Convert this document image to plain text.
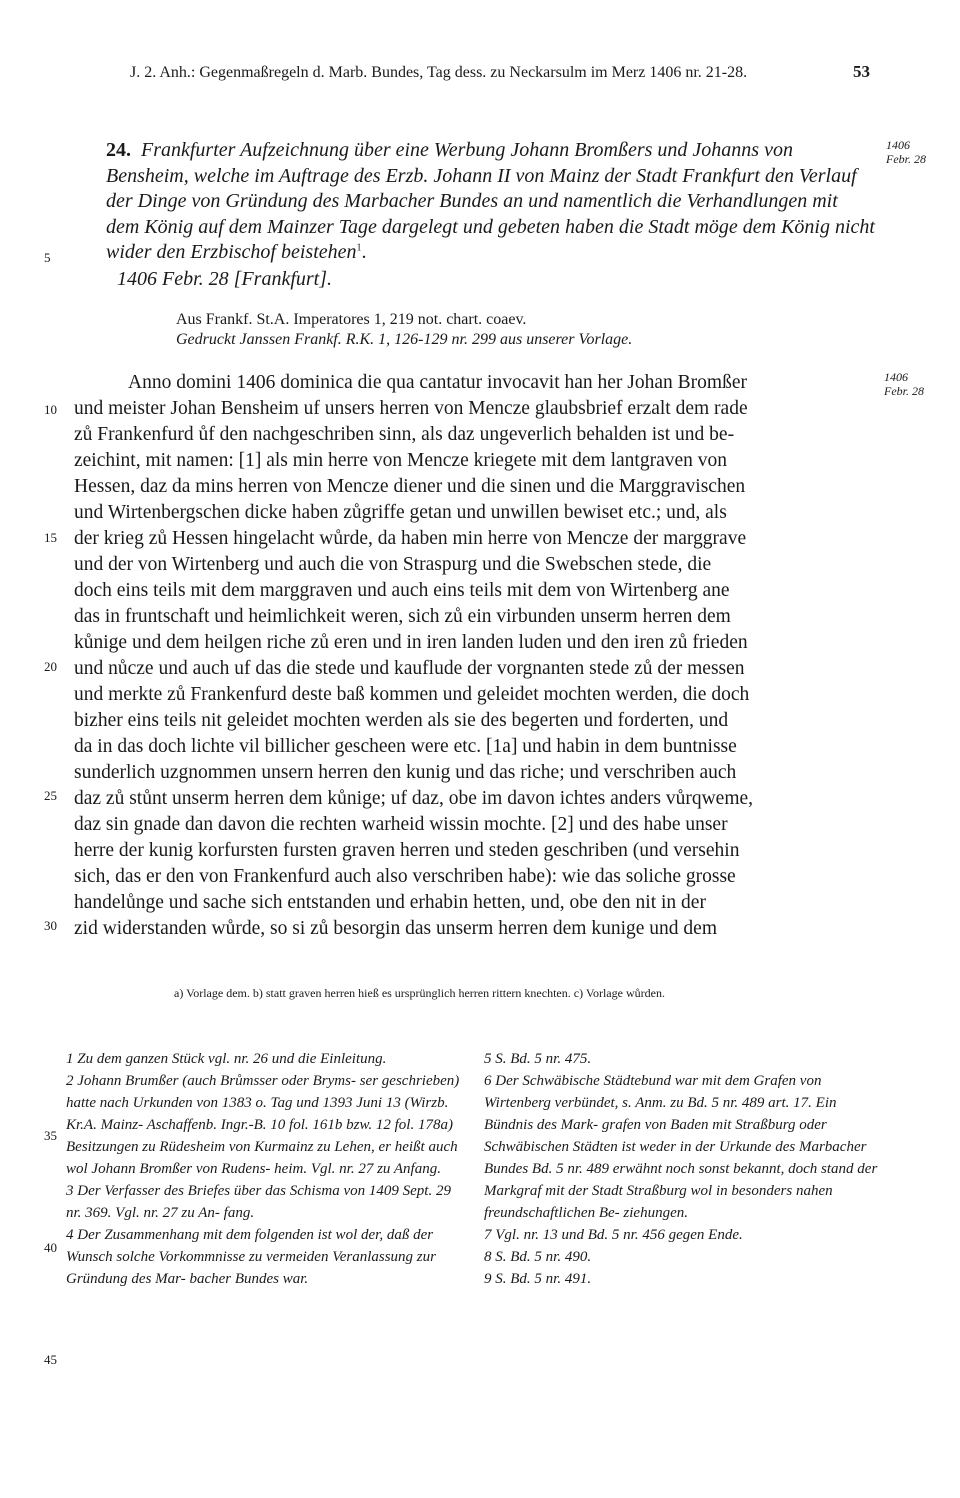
J. 2. Anh.: Gegenmaßregeln d. Marb. Bundes, Tag dess. zu Neckarsulm im Merz 1406 nr. 21-28.	53
24. Frankfurter Aufzeichnung über eine Werbung Johann Bromßers und Johanns von Bensheim, welche im Auftrage des Erzb. Johann II von Mainz der Stadt Frankfurt den Verlauf der Dinge von Gründung des Marbacher Bundes an und namentlich die Verhandlungen mit dem König auf dem Mainzer Tage dargelegt und gebeten haben die Stadt möge dem König nicht wider den Erzbischof beistehen$^1$.
1406 Febr. 28 [Frankfurt].
Aus Frankf. St.A. Imperatores 1, 219 not. chart. coaev.
Gedruckt Janssen Frankf. R.K. 1, 126-129 nr. 299 aus unserer Vorlage.
1406
Febr. 28
1406
Febr. 28
5
10
15
20
25
30
35
40
45
Anno domini 1406 dominica die qua cantatur invocavit han her Johan Bromßer
und meister Johan Bensheim uf unsers herren von Mencze glaubsbrief erzalt dem rade
zů Frankenfurd ůf den nachgeschriben sinn, als daz ungeverlich behalden ist und be-
zeichint, mit namen: [1] als min herre von Mencze kriegete mit dem lantgraven von
Hessen, daz da mins herren von Mencze diener und die sinen und die Marggravischen
und Wirtenbergschen dicke haben zůgriffe getan und unwillen bewiset etc.; und, als
der krieg zů Hessen hingelacht wůrde, da haben min herre von Mencze der marggrave
und der von Wirtenberg und auch die von Straspurg und die Swebschen stede, die
doch eins teils mit dem marggraven und auch eins teils mit dem von Wirtenberg ane
das in fruntschaft und heimlichkeit weren, sich zů ein virbunden unserm herren dem
kůnige und dem heilgen riche zů eren und in iren landen luden und den iren zů frieden
und nůcze und auch uf das die stede und kauflude der vorgnanten stede zů der messen
und merkte zů Frankenfurd deste baß kommen und geleidet mochten werden, die doch
bizher eins teils nit geleidet mochten werden als sie des begerten und forderten, und
da in das doch lichte vil billicher gescheen were etc. [1a] und habin in dem buntnisse
sunderlich uzgnommen unsern herren den kunig und das riche; und verschriben auch
daz zů stůnt unserm herren dem kůnige; uf daz, obe im davon ichtes anders vůrqweme,
daz sin gnade dan davon die rechten warheid wissin mochte. [2] und des habe unser
herre der kunig korfursten fursten graven herren und steden geschriben (und versehin
sich, das er den von Frankenfurd auch also verschriben habe): wie das soliche grosse
handelůnge und sache sich entstanden und erhabin hetten, und, obe den nit in der
zid widerstanden wůrde, so si zů besorgin das unserm herren dem kunige und dem
a) Vorlage dem. b) statt graven herren hieß es ursprünglich herren rittern knechten. c) Vorlage wůrden.
1 Zu dem ganzen Stück vgl. nr. 26 und die Einleitung.
2 Johann Brumßer (auch Brůmsser oder Bryms- ser geschrieben) hatte nach Urkunden von 1383 o. Tag und 1393 Juni 13 (Wirzb. Kr.A. Mainz- Aschaffenb. Ingr.-B. 10 fol. 161b bzw. 12 fol. 178a) Besitzungen zu Rüdesheim von Kurmainz zu Lehen, er heißt auch wol Johann Bromßer von Rudens- heim. Vgl. nr. 27 zu Anfang.
3 Der Verfasser des Briefes über das Schisma von 1409 Sept. 29 nr. 369. Vgl. nr. 27 zu An- fang.
4 Der Zusammenhang mit dem folgenden ist wol der, daß der Wunsch solche Vorkommnisse zu vermeiden Veranlassung zur Gründung des Mar- bacher Bundes war.
5 S. Bd. 5 nr. 475.
6 Der Schwäbische Städtebund war mit dem Grafen von Wirtenberg verbündet, s. Anm. zu Bd. 5 nr. 489 art. 17. Ein Bündnis des Mark- grafen von Baden mit Straßburg oder Schwäbischen Städten ist weder in der Urkunde des Marbacher Bundes Bd. 5 nr. 489 erwähnt noch sonst bekannt, doch stand der Markgraf mit der Stadt Straßburg wol in besonders nahen freundschaftlichen Be- ziehungen.
7 Vgl. nr. 13 und Bd. 5 nr. 456 gegen Ende.
8 S. Bd. 5 nr. 490.
9 S. Bd. 5 nr. 491.
